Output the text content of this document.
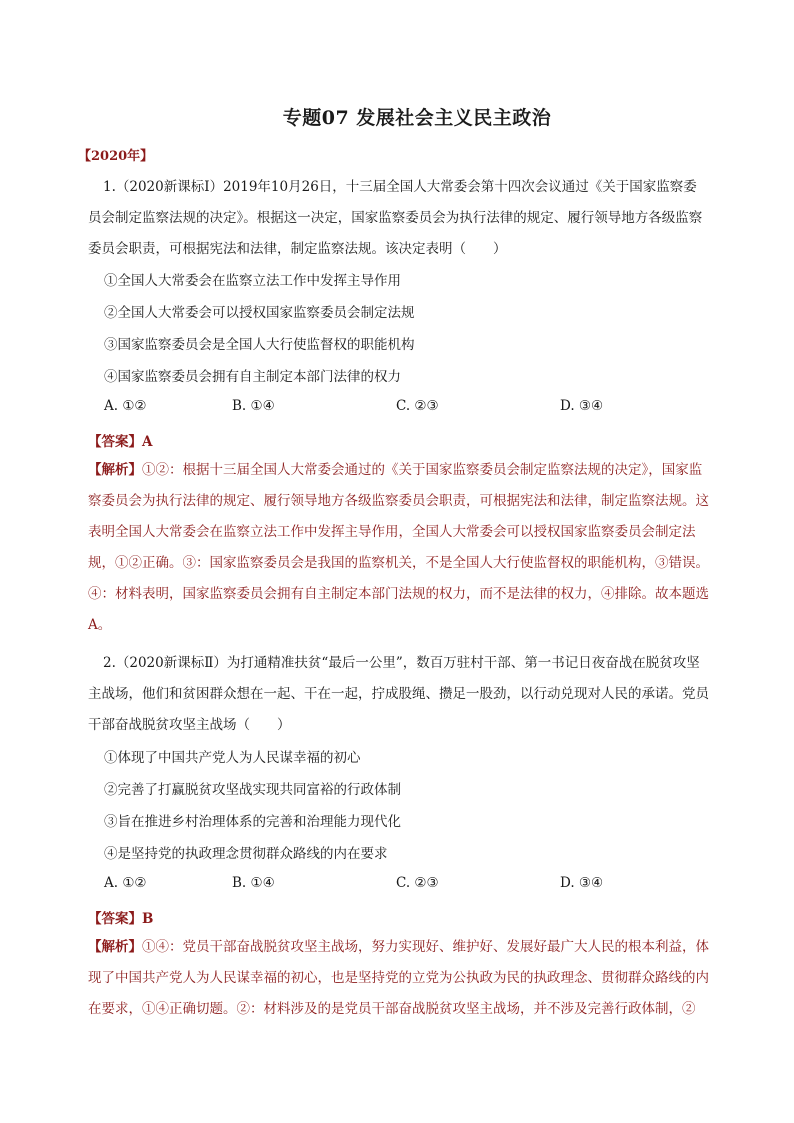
专题07 发展社会主义民主政治
【2020年】

1.（2020新课标Ⅰ）2019年10月26日，十三届全国人大常委会第十四次会议通过《关于国家监察委员会制定监察法规的决定》。根据这一决定，国家监察委员会为执行法律的规定、履行领导地方各级监察委员会职责，可根据宪法和法律，制定监察法规。该决定表明（　　）

①全国人大常委会在监察立法工作中发挥主导作用
②全国人大常委会可以授权国家监察委员会制定法规
③国家监察委员会是全国人大行使监督权的职能机构
④国家监察委员会拥有自主制定本部门法律的权力
A. ①②	B. ①④	C. ②③	D. ③④
【答案】A

【解析】①②：根据十三届全国人大常委会通过的《关于国家监察委员会制定监察法规的决定》，国家监察委员会为执行法律的规定、履行领导地方各级监察委员会职责，可根据宪法和法律，制定监察法规。这表明全国人大常委会在监察立法工作中发挥主导作用，全国人大常委会可以授权国家监察委员会制定法规，①②正确。③：国家监察委员会是我国的监察机关，不是全国人大行使监督权的职能机构，③错误。④：材料表明，国家监察委员会拥有自主制定本部门法规的权力，而不是法律的权力，④排除。故本题选A。

2.（2020新课标Ⅱ）为打通精准扶贫“最后一公里”，数百万驻村干部、第一书记日夜奋战在脱贫攻坚主战场，他们和贫困群众想在一起、干在一起，拧成股绳、攒足一股劲，以行动兑现对人民的承诺。党员干部奋战脱贫攻坚主战场（　　）

①体现了中国共产党人为人民谋幸福的初心
②完善了打赢脱贫攻坚战实现共同富裕的行政体制
③旨在推进乡村治理体系的完善和治理能力现代化
④是坚持党的执政理念贯彻群众路线的内在要求
A. ①②	B. ①④	C. ②③	D. ③④
【答案】B

【解析】①④：党员干部奋战脱贫攻坚主战场，努力实现好、维护好、发展好最广大人民的根本利益，体现了中国共产党人为人民谋幸福的初心，也是坚持党的立党为公执政为民的执政理念、贯彻群众路线的内在要求，①④正确切题。②：材料涉及的是党员干部奋战脱贫攻坚主战场，并不涉及完善行政体制，②
